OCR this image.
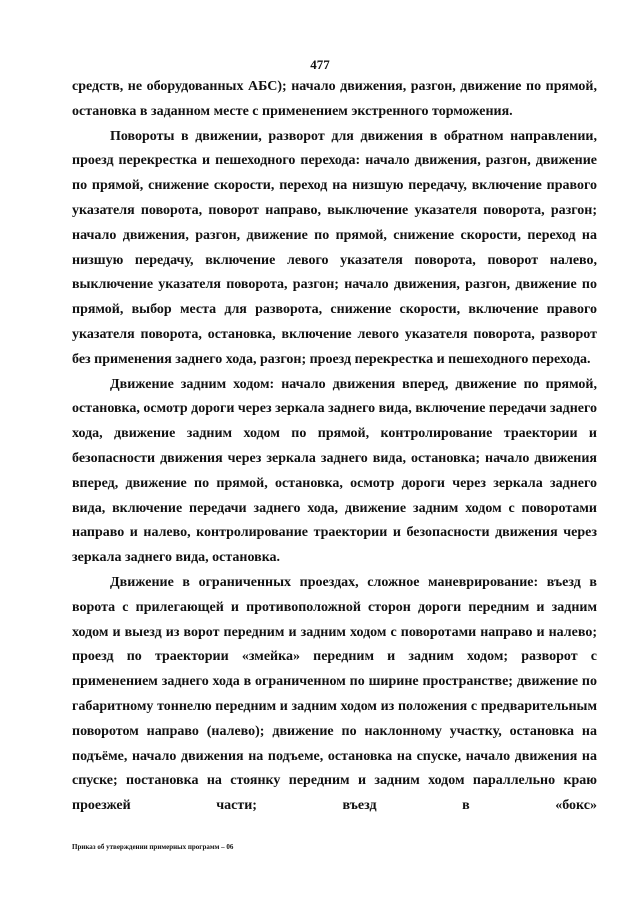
477

средств, не оборудованных АБС); начало движения, разгон, движение по прямой, остановка в заданном месте с применением экстренного торможения.

Повороты в движении, разворот для движения в обратном направлении, проезд перекрестка и пешеходного перехода: начало движения, разгон, движение по прямой, снижение скорости, переход на низшую передачу, включение правого указателя поворота, поворот направо, выключение указателя поворота, разгон; начало движения, разгон, движение по прямой, снижение скорости, переход на низшую передачу, включение левого указателя поворота, поворот налево, выключение указателя поворота, разгон; начало движения, разгон, движение по прямой, выбор места для разворота, снижение скорости, включение правого указателя поворота, остановка, включение левого указателя поворота, разворот без применения заднего хода, разгон; проезд перекрестка и пешеходного перехода.

Движение задним ходом: начало движения вперед, движение по прямой, остановка, осмотр дороги через зеркала заднего вида, включение передачи заднего хода, движение задним ходом по прямой, контролирование траектории и безопасности движения через зеркала заднего вида, остановка; начало движения вперед, движение по прямой, остановка, осмотр дороги через зеркала заднего вида, включение передачи заднего хода, движение задним ходом с поворотами направо и налево, контролирование траектории и безопасности движения через зеркала заднего вида, остановка.

Движение в ограниченных проездах, сложное маневрирование: въезд в ворота с прилегающей и противоположной сторон дороги передним и задним ходом и выезд из ворот передним и задним ходом с поворотами направо и налево; проезд по траектории «змейка» передним и задним ходом; разворот с применением заднего хода в ограниченном по ширине пространстве; движение по габаритному тоннелю передним и задним ходом из положения с предварительным поворотом направо (налево); движение по наклонному участку, остановка на подъёме, начало движения на подъеме, остановка на спуске, начало движения на спуске; постановка на стоянку передним и задним ходом параллельно краю проезжей части; въезд в «бокс»

Приказ об утверждении примерных программ – 06
